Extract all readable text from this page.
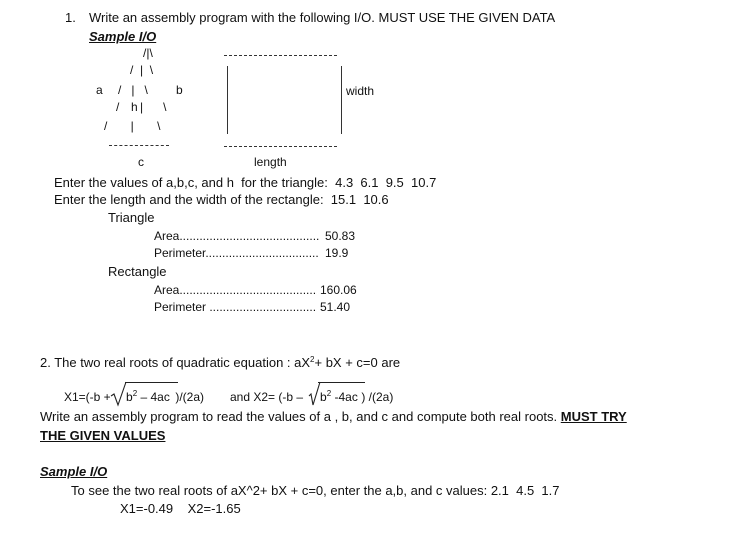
1. Write an assembly program with the following I/O. MUST USE THE GIVEN DATA
Sample I/O
/|\
/  |  \
a /   |   \ b
/ h |      \
/       |       \
c
width
length
Enter the values of a,b,c, and h  for the triangle:  4.3  6.1  9.5  10.7
Enter the length and the width of the rectangle:  15.1  10.6
Triangle
Area.......................................... 50.83
Perimeter.................................. 19.9
Rectangle
Area......................................... 160.06
Perimeter ................................ 51.40
2. The two real roots of quadratic equation : $aX^2+$ bX + c=0 are
$X1=(-b + b^2 - 4ac$ )/(2a) and $X2= (-b - b^2$ -4ac ) /(2a)
Write an assembly program to read the values of a , b, and c and compute both real roots. MUST TRY
THE GIVEN VALUES
Sample I/O
To see the two real roots of aX^2+ bX + c=0, enter the a,b, and c values: 2.1  4.5  1.7
X1=-0.49    X2=-1.65
